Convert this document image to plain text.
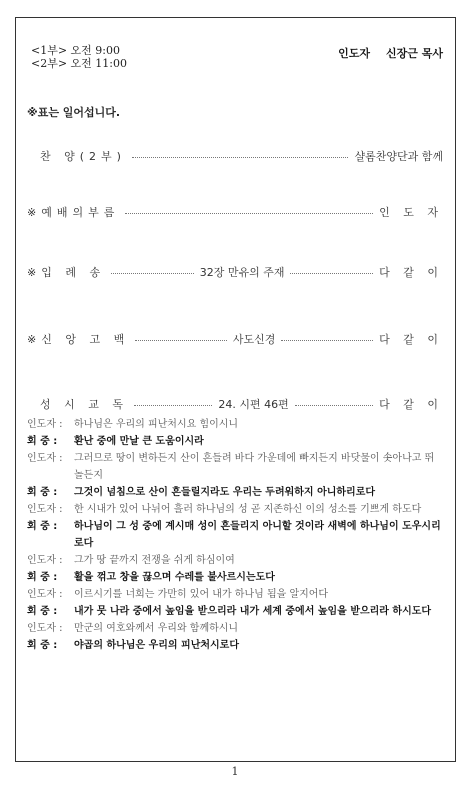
<1부> 오전 9:00
<2부> 오전 11:00
인도자 신장근 목사
※표는 일어섭니다.
찬 양(2부)	샬롬찬양단과 함께
※예배의부름	인 도 자
※입 례 송	32장 만유의 주재	다 같 이
※신 앙 고 백	사도신경	다 같 이
성 시 교 독	24. 시편 46편	다 같 이
인도자 :	하나님은 우리의 피난처시요 힘이시니
회 중 :	환난 중에 만날 큰 도움이시라
인도자 :	그러므로 땅이 변하든지 산이 흔들려 바다 가운데에 빠지든지 바닷물이 솟아나고 뛰놀든지
회 중 :	그것이 넘침으로 산이 흔들릴지라도 우리는 두려워하지 아니하리로다
인도자 :	한 시내가 있어 나뉘어 흘러 하나님의 성 곧 지존하신 이의 성소를 기쁘게 하도다
회 중 :	하나님이 그 성 중에 계시매 성이 흔들리지 아니할 것이라 새벽에 하나님이 도우시리로다
인도자 :	그가 땅 끝까지 전쟁을 쉬게 하심이여
회 중 :	활을 꺾고 창을 끊으며 수레를 불사르시는도다
인도자 :	이르시기를 너희는 가만히 있어 내가 하나님 됨을 알지어다
회 중 :	내가 뭇 나라 중에서 높임을 받으리라 내가 세계 중에서 높임을 받으리라 하시도다
인도자 :	만군의 여호와께서 우리와 함께하시니
회 중 :	야곱의 하나님은 우리의 피난처시로다
1
